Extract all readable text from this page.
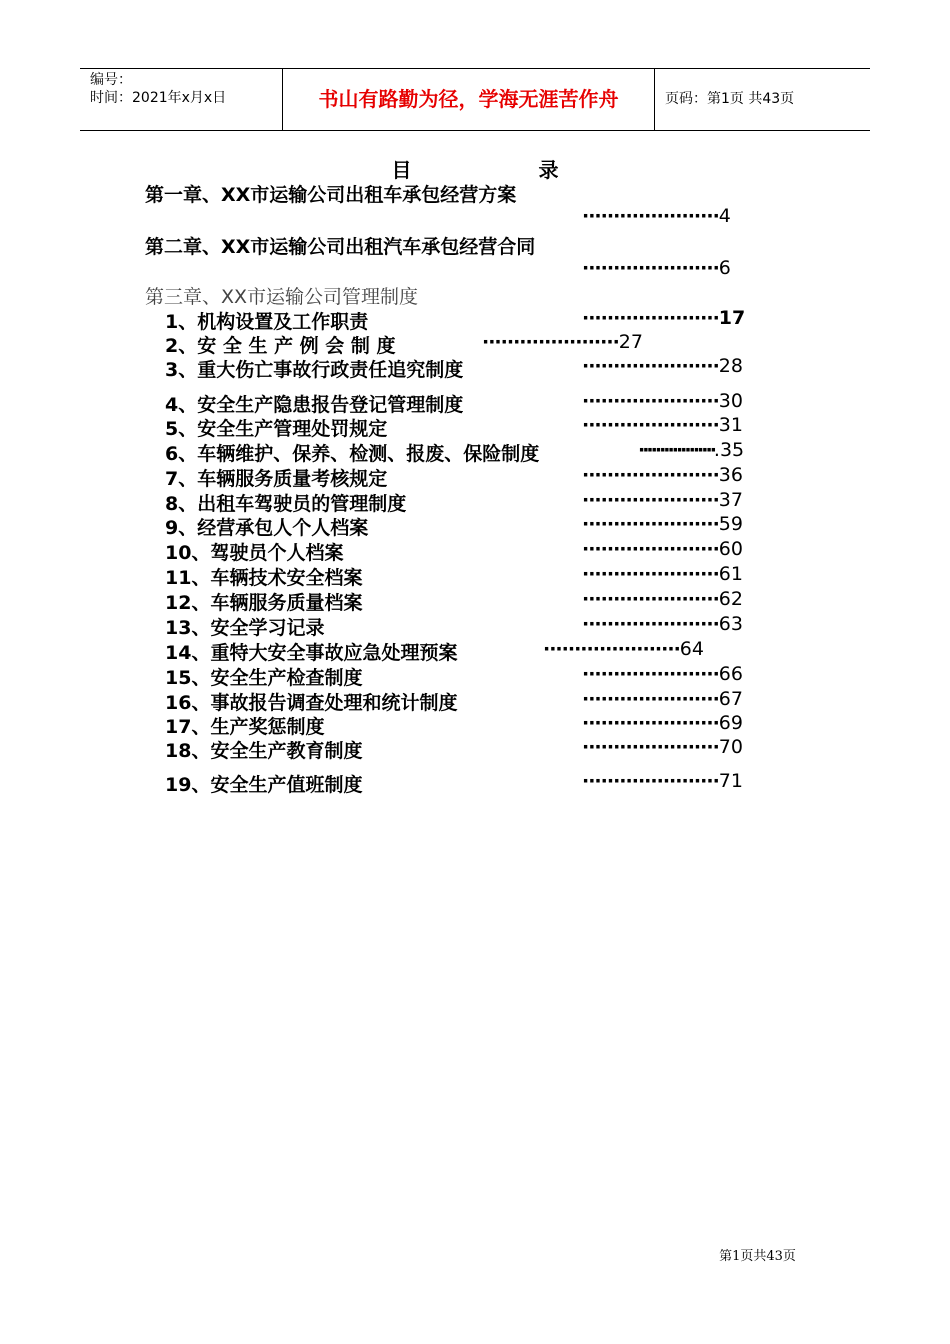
编号：
时间：2021年x月x日	书山有路勤为径，学海无涯苦作舟	页码：第1页 共43页
目 录
第一章、XX市运输公司出租车承包经营方案
······················4
第二章、XX市运输公司出租汽车承包经营合同
······················6
第三章、XX市运输公司管理制度
1、机构设置及工作职责	······················17
2、安 全 生 产 例 会 制 度	······················27
3、重大伤亡事故行政责任追究制度	······················28
4、安全生产隐患报告登记管理制度	······················30
5、安全生产管理处罚规定	······················31
6、车辆维护、保养、检测、报废、保险制度	··················.35
7、车辆服务质量考核规定	······················36
8、出租车驾驶员的管理制度	······················37
9、经营承包人个人档案	······················59
10、驾驶员个人档案	······················60
11、车辆技术安全档案	······················61
12、车辆服务质量档案	······················62
13、安全学习记录	······················63
14、重特大安全事故应急处理预案	······················64
15、安全生产检查制度	······················66
16、事故报告调查处理和统计制度	······················67
17、生产奖惩制度	······················69
18、安全生产教育制度	······················70
19、安全生产值班制度	······················71
第1页共43页
